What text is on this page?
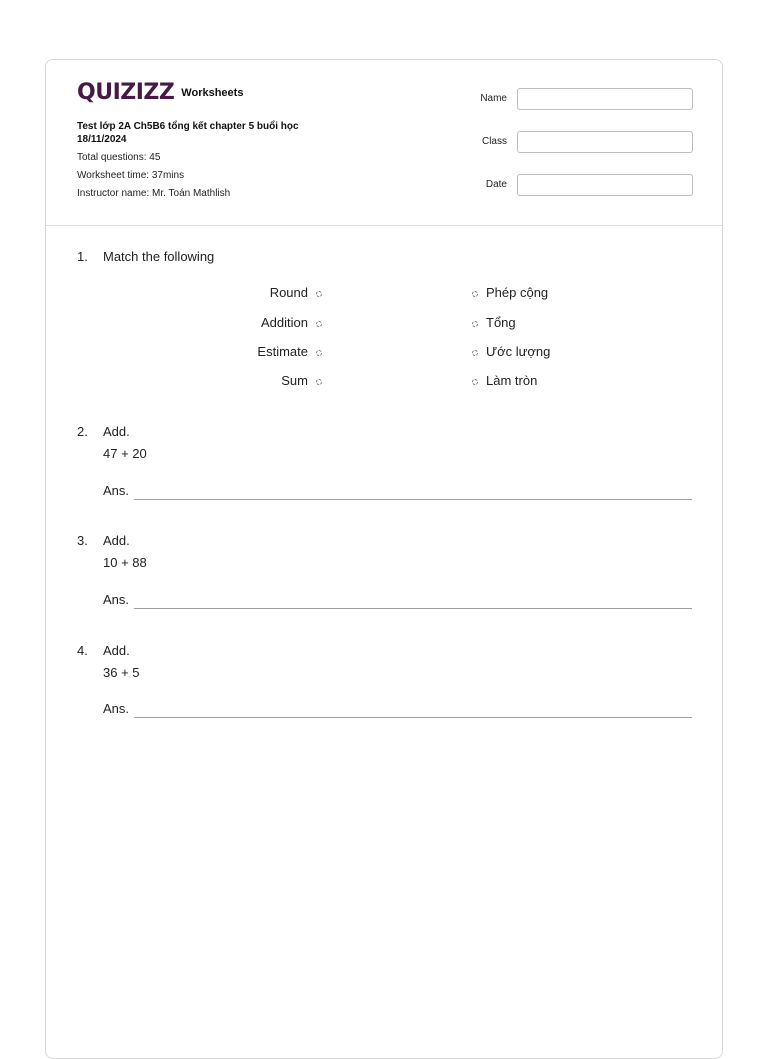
QUIZIZZ Worksheets
Test lớp 2A Ch5B6 tổng kết chapter 5 buổi học 18/11/2024
Total questions: 45
Worksheet time: 37mins
Instructor name: Mr. Toán Mathlish
Name
Class
Date
1. Match the following
Round
Addition
Estimate
Sum
Phép cộng
Tổng
Ước lượng
Làm tròn
2. Add.
47 + 20
Ans.
3. Add.
10 + 88
Ans.
4. Add.
36 + 5
Ans.
